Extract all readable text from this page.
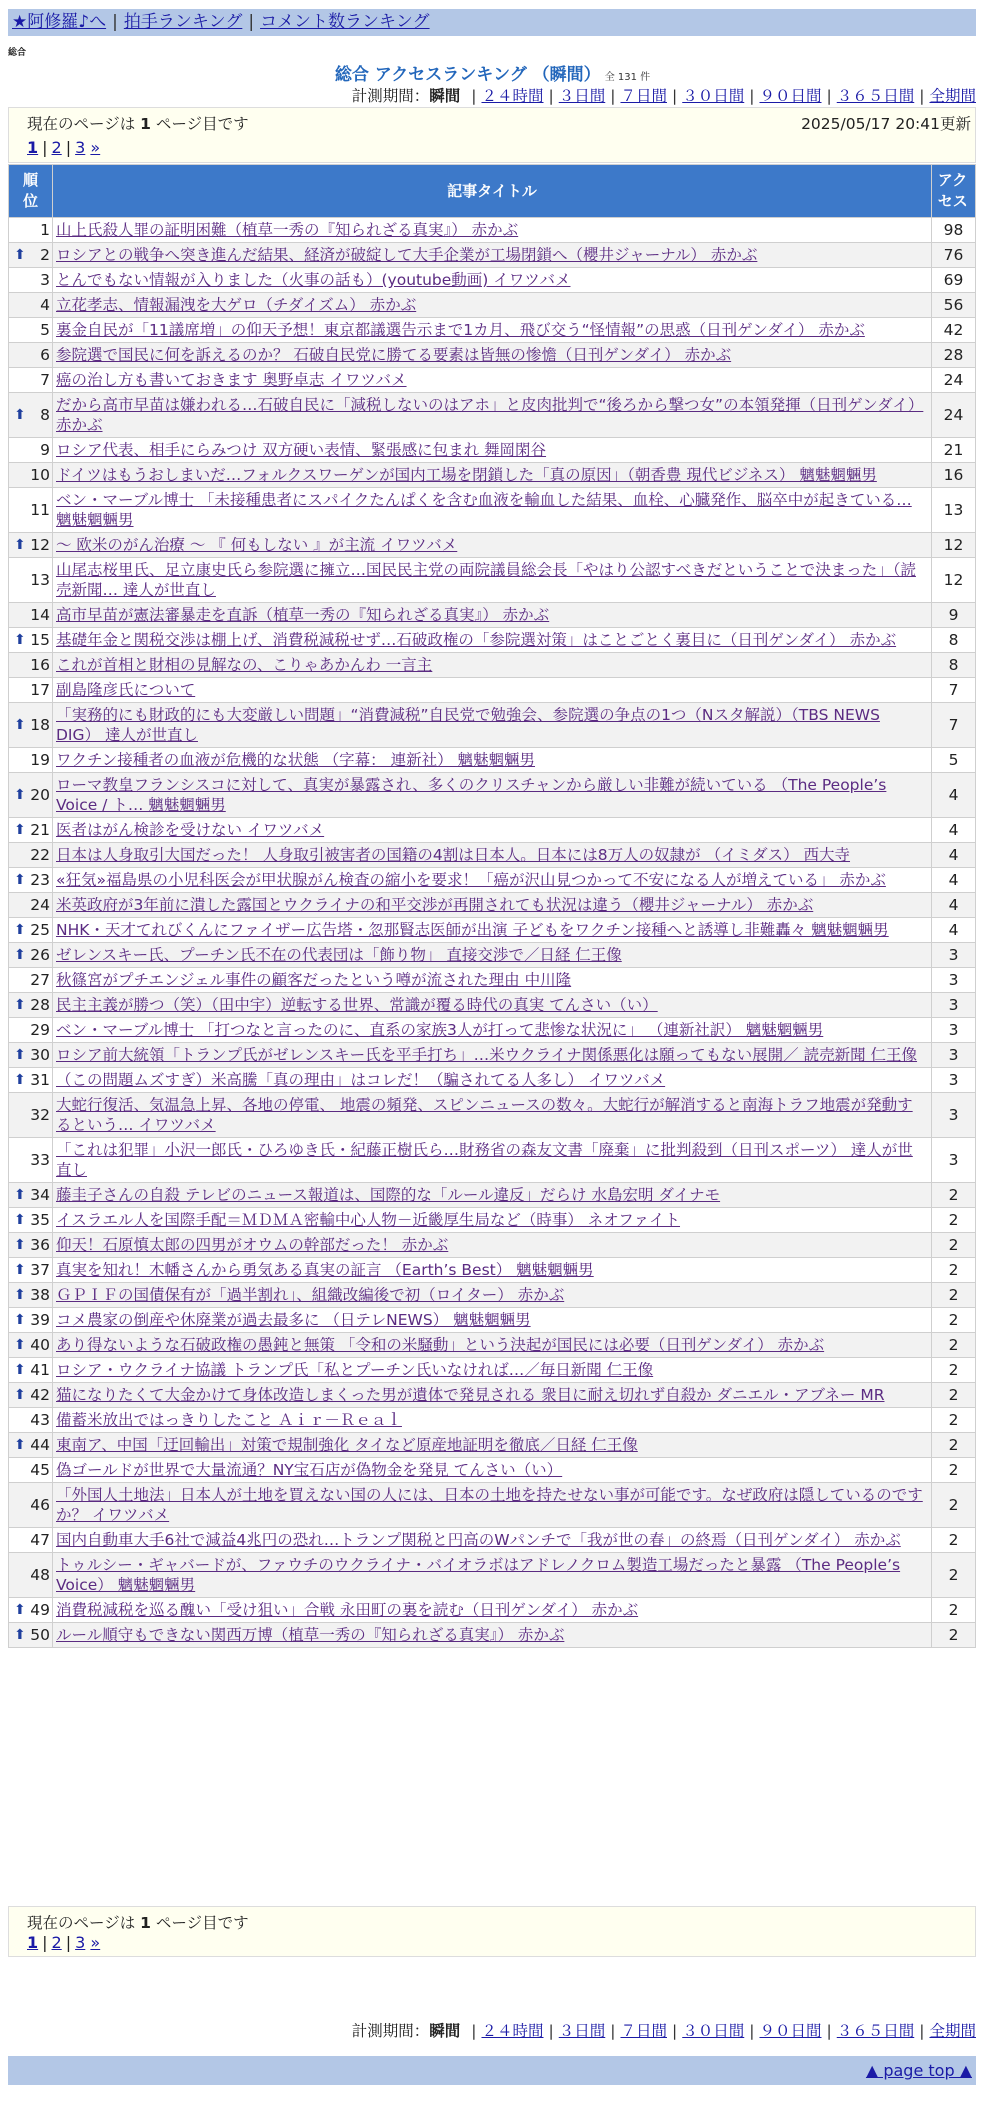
★阿修羅♪へ | 拍手ランキング | コメント数ランキング
総合
総合 アクセスランキング （瞬間） 全 131 件
計測期間：瞬間 | ２４時間 | ３日間 | ７日間 | ３０日間 | ９０日間 | ３６５日間 | 全期間
現在のページは 1 ページ目です	2025/05/17 20:41更新
1 | 2 | 3 »
順位	記事タイトル	アクセス
1	山上氏殺人罪の証明困難（植草一秀の『知られざる真実』） 赤かぶ	98

⬆ 2	ロシアとの戦争へ突き進んだ結果、経済が破綻して大手企業が工場閉鎖へ（櫻井ジャーナル） 赤かぶ	76
3	とんでもない情報が入りました（火事の話も）(youtube動画) イワツバメ	69
4	立花孝志、情報漏洩を大ゲロ（チダイズム） 赤かぶ	56
5	裏金自民が「11議席増」の仰天予想！東京都議選告示まで1カ月、飛び交う“怪情報”の思惑（日刊ゲンダイ） 赤かぶ	42
6	参院選で国民に何を訴えるのか？ 石破自民党に勝てる要素は皆無の惨憺（日刊ゲンダイ） 赤かぶ	28
7	癌の治し方も書いておきます 奥野卓志 イワツバメ	24

⬆ 8	だから高市早苗は嫌われる…石破自民に「減税しないのはアホ」と皮肉批判で“後ろから撃つ女”の本領発揮（日刊ゲンダイ） 赤かぶ	24
9	ロシア代表、相手にらみつけ 双方硬い表情、緊張感に包まれ 舞岡閑谷	21
10	ドイツはもうおしまいだ…フォルクスワーゲンが国内工場を閉鎖した「真の原因」（朝香豊 現代ビジネス） 魑魅魍魎男	16
11	ベン・マーブル博士 「未接種患者にスパイクたんぱくを含む血液を輸血した結果、血栓、心臓発作、脳卒中が起きている… 魑魅魍魎男	13

⬆ 12	～ 欧米のがん治療 ～ 『 何もしない 』が主流 イワツバメ	12
13	山尾志桜里氏、足立康史氏ら参院選に擁立…国民民主党の両院議員総会長「やはり公認すべきだということで決まった」（読売新聞… 達人が世直し	12
14	高市早苗が憲法審暴走を直訴（植草一秀の『知られざる真実』） 赤かぶ	9

⬆ 15	基礎年金と関税交渉は棚上げ、消費税減税せず…石破政権の「参院選対策」はことごとく裏目に（日刊ゲンダイ） 赤かぶ	8
16	これが首相と財相の見解なの、こりゃあかんわ 一言主	8
17	副島隆彦氏について	7

⬆ 18	「実務的にも財政的にも大変厳しい問題」“消費減税”自民党で勉強会、参院選の争点の1つ（Nスタ解説）（TBS NEWS DIG） 達人が世直し	7
19	ワクチン接種者の血液が危機的な状態 （字幕： 連新社） 魑魅魍魎男	5

⬆ 20	ローマ教皇フランシスコに対して、真実が暴露され、多くのクリスチャンから厳しい非難が続いている （The People’s Voice / ト… 魑魅魍魎男	4

⬆ 21	医者はがん検診を受けない イワツバメ	4
22	日本は人身取引大国だった！ 人身取引被害者の国籍の4割は日本人。日本には8万人の奴隷が （イミダス） 西大寺	4

⬆ 23	«狂気»福島県の小児科医会が甲状腺がん検査の縮小を要求！「癌が沢山見つかって不安になる人が増えている」 赤かぶ	4
24	米英政府が3年前に潰した露国とウクライナの和平交渉が再開されても状況は違う（櫻井ジャーナル） 赤かぶ	4

⬆ 25	NHK・天才てれびくんにファイザー広告塔・忽那賢志医師が出演 子どもをワクチン接種へと誘導し非難轟々 魑魅魍魎男	4

⬆ 26	ゼレンスキー氏、プーチン氏不在の代表団は「飾り物」 直接交渉で／日経 仁王像	3
27	秋篠宮がプチエンジェル事件の顧客だったという噂が流された理由 中川隆	3

⬆ 28	民主主義が勝つ（笑）（田中宇）逆転する世界、常識が覆る時代の真実 てんさい（い）	3
29	ベン・マーブル博士 「打つなと言ったのに、直系の家族3人が打って悲惨な状況に」 （連新社訳） 魑魅魍魎男	3

⬆ 30	ロシア前大統領「トランプ氏がゼレンスキー氏を平手打ち」…米ウクライナ関係悪化は願ってもない展開／ 読売新聞 仁王像	3

⬆ 31	（この問題ムズすぎ）米高騰「真の理由」はコレだ！（騙されてる人多し） イワツバメ	3
32	大蛇行復活、気温急上昇、各地の停電、 地震の頻発、スピンニュースの数々。大蛇行が解消すると南海トラフ地震が発動するという… イワツバメ	3
33	「これは犯罪」小沢一郎氏・ひろゆき氏・紀藤正樹氏ら…財務省の森友文書「廃棄」に批判殺到（日刊スポーツ） 達人が世直し	3

⬆ 34	藤圭子さんの自殺 テレビのニュース報道は、国際的な「ルール違反」だらけ 水島宏明 ダイナモ	2

⬆ 35	イスラエル人を国際手配＝ＭＤＭＡ密輸中心人物－近畿厚生局など（時事） ネオファイト	2

⬆ 36	仰天！石原慎太郎の四男がオウムの幹部だった！ 赤かぶ	2

⬆ 37	真実を知れ！木幡さんから勇気ある真実の証言 （Earth’s Best） 魑魅魍魎男	2

⬆ 38	ＧＰＩＦの国債保有が「過半割れ」、組織改編後で初（ロイター） 赤かぶ	2

⬆ 39	コメ農家の倒産や休廃業が過去最多に （日テレNEWS） 魑魅魍魎男	2

⬆ 40	あり得ないような石破政権の愚鈍と無策 「令和の米騒動」という決起が国民には必要（日刊ゲンダイ） 赤かぶ	2

⬆ 41	ロシア・ウクライナ協議 トランプ氏「私とプーチン氏いなければ…／毎日新聞 仁王像	2

⬆ 42	猫になりたくて大金かけて身体改造しまくった男が遺体で発見される 衆目に耐え切れず自殺か ダニエル・アブネー MR	2
43	備蓄米放出ではっきりしたこと Ａｉｒ－Ｒｅａｌ	2

⬆ 44	東南ア、中国「迂回輸出」対策で規制強化 タイなど原産地証明を徹底／日経 仁王像	2
45	偽ゴールドが世界で大量流通？NY宝石店が偽物金を発見 てんさい（い）	2
46	「外国人土地法」日本人が土地を買えない国の人には、日本の土地を持たせない事が可能です。なぜ政府は隠しているのですか？ イワツバメ	2
47	国内自動車大手6社で減益4兆円の恐れ…トランプ関税と円高のWパンチで「我が世の春」の終焉（日刊ゲンダイ） 赤かぶ	2
48	トゥルシー・ギャバードが、ファウチのウクライナ・バイオラボはアドレノクロム製造工場だったと暴露 （The People’s Voice） 魑魅魍魎男	2

⬆ 49	消費税減税を巡る醜い「受け狙い」合戦 永田町の裏を読む（日刊ゲンダイ） 赤かぶ	2

⬆ 50	ルール順守もできない関西万博（植草一秀の『知られざる真実』） 赤かぶ	2
現在のページは 1 ページ目です
1 | 2 | 3 »
計測期間：瞬間 | ２４時間 | ３日間 | ７日間 | ３０日間 | ９０日間 | ３６５日間 | 全期間
▲ page top ▲
